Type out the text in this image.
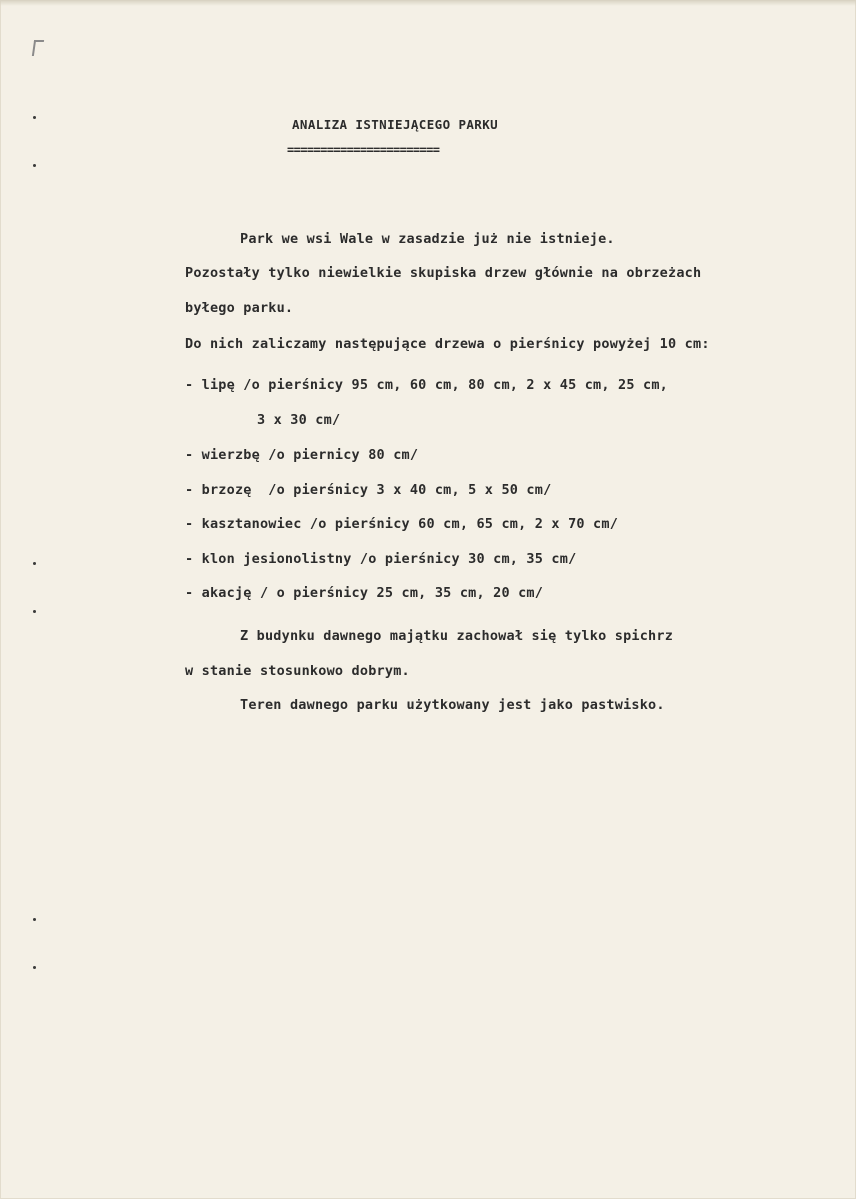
ANALIZA ISTNIEJĄCEGO PARKU
=======================
Park we wsi Wale w zasadzie już nie istnieje.
Pozostały tylko niewielkie skupiska drzew głównie na obrzeżach
byłego parku.
Do nich zaliczamy następujące drzewa o pierśnicy powyżej 10 cm:
- lipę /o pierśnicy 95 cm, 60 cm, 80 cm, 2 x 45 cm, 25 cm,
3 x 30 cm/
- wierzbę /o piernicy 80 cm/
- brzozę  /o pierśnicy 3 x 40 cm, 5 x 50 cm/
- kasztanowiec /o pierśnicy 60 cm, 65 cm, 2 x 70 cm/
- klon jesionolistny /o pierśnicy 30 cm, 35 cm/
- akację / o pierśnicy 25 cm, 35 cm, 20 cm/
Z budynku dawnego majątku zachował się tylko spichrz
w stanie stosunkowo dobrym.
Teren dawnego parku użytkowany jest jako pastwisko.
